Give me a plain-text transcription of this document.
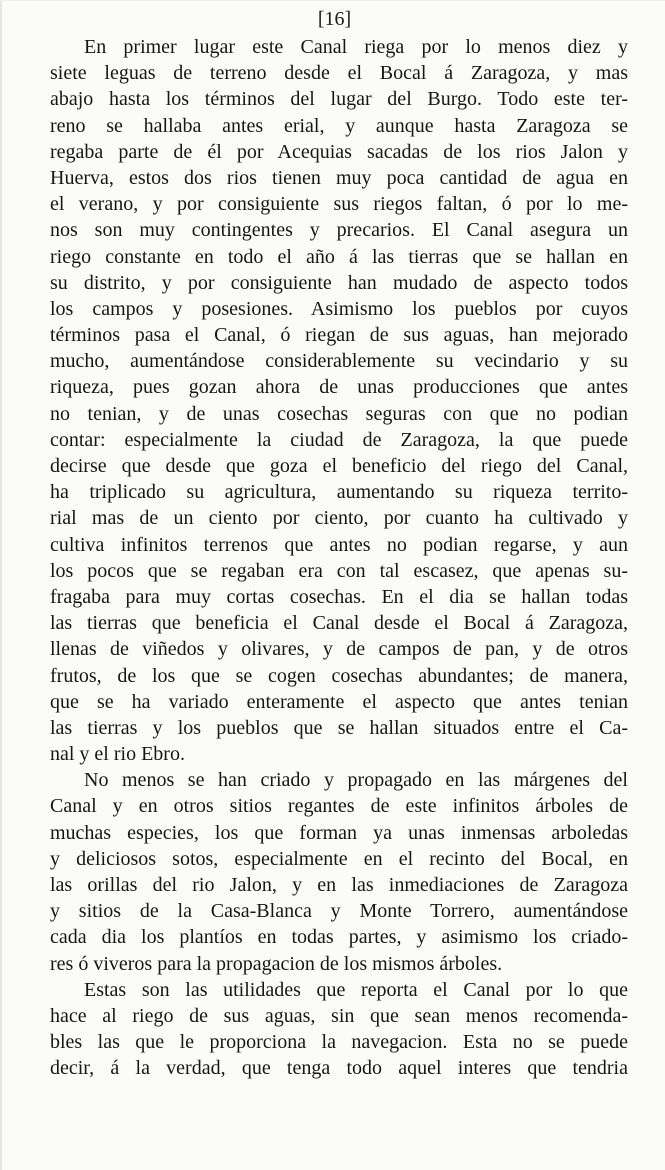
[16]
En primer lugar este Canal riega por lo menos diez y
siete leguas de terreno desde el Bocal á Zaragoza, y mas
abajo hasta los términos del lugar del Burgo. Todo este ter-
reno se hallaba antes erial, y aunque hasta Zaragoza se
regaba parte de él por Acequias sacadas de los rios Jalon y
Huerva, estos dos rios tienen muy poca cantidad de agua en
el verano, y por consiguiente sus riegos faltan, ó por lo me-
nos son muy contingentes y precarios. El Canal asegura un
riego constante en todo el año á las tierras que se hallan en
su distrito, y por consiguiente han mudado de aspecto todos
los campos y posesiones. Asimismo los pueblos por cuyos
términos pasa el Canal, ó riegan de sus aguas, han mejorado
mucho, aumentándose considerablemente su vecindario y su
riqueza, pues gozan ahora de unas producciones que antes
no tenian, y de unas cosechas seguras con que no podian
contar: especialmente la ciudad de Zaragoza, la que puede
decirse que desde que goza el beneficio del riego del Canal,
ha triplicado su agricultura, aumentando su riqueza territo-
rial mas de un ciento por ciento, por cuanto ha cultivado y
cultiva infinitos terrenos que antes no podian regarse, y aun
los pocos que se regaban era con tal escasez, que apenas su-
fragaba para muy cortas cosechas. En el dia se hallan todas
las tierras que beneficia el Canal desde el Bocal á Zaragoza,
llenas de viñedos y olivares, y de campos de pan, y de otros
frutos, de los que se cogen cosechas abundantes; de manera,
que se ha variado enteramente el aspecto que antes tenian
las tierras y los pueblos que se hallan situados entre el Ca-
nal y el rio Ebro.
No menos se han criado y propagado en las márgenes del
Canal y en otros sitios regantes de este infinitos árboles de
muchas especies, los que forman ya unas inmensas arboledas
y deliciosos sotos, especialmente en el recinto del Bocal, en
las orillas del rio Jalon, y en las inmediaciones de Zaragoza
y sitios de la Casa-Blanca y Monte Torrero, aumentándose
cada dia los plantíos en todas partes, y asimismo los criado-
res ó viveros para la propagacion de los mismos árboles.
Estas son las utilidades que reporta el Canal por lo que
hace al riego de sus aguas, sin que sean menos recomenda-
bles las que le proporciona la navegacion. Esta no se puede
decir, á la verdad, que tenga todo aquel interes que tendria
